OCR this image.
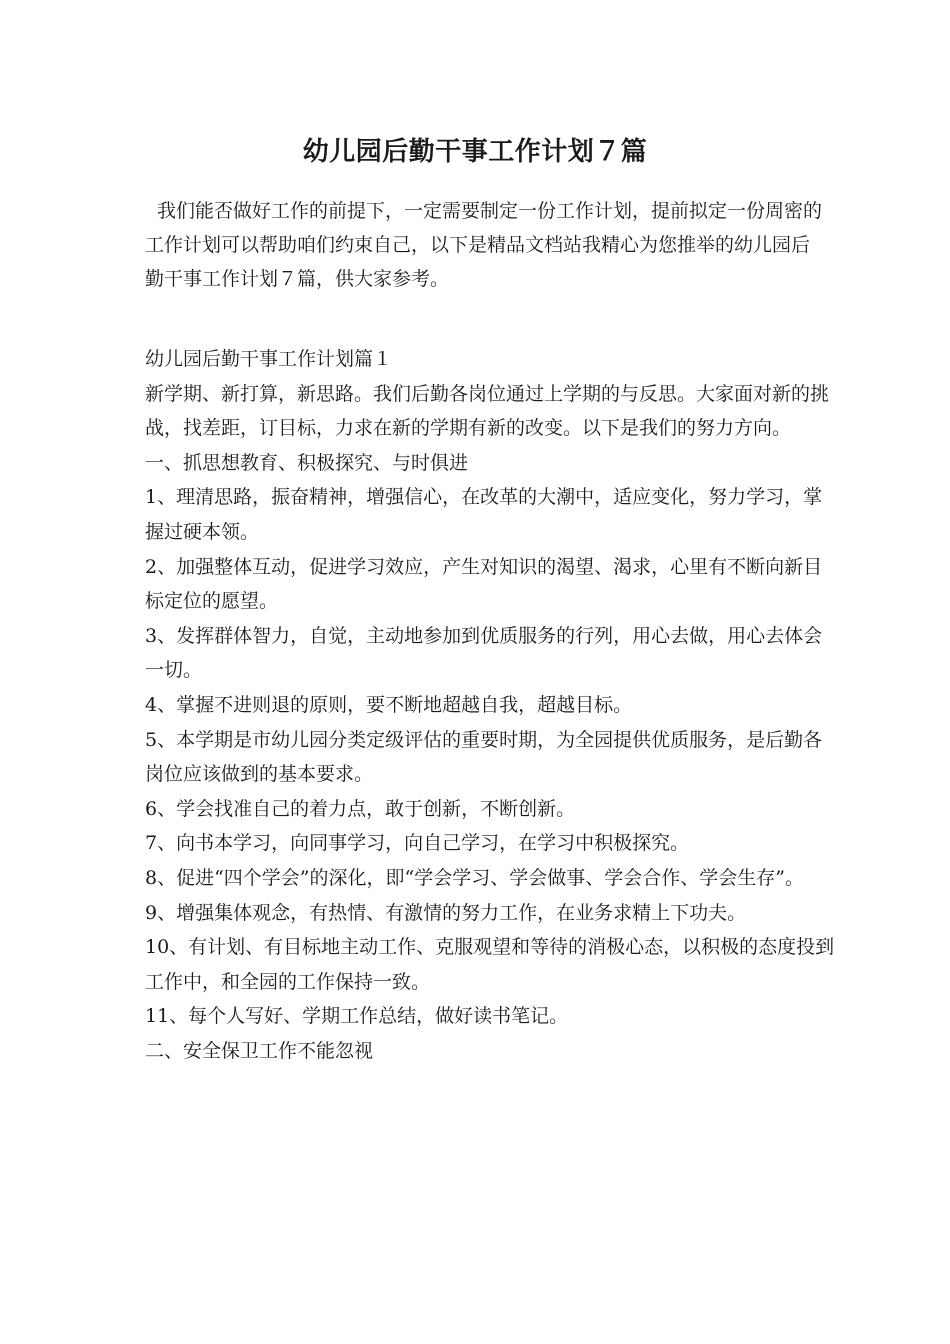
幼儿园后勤干事工作计划７篇
我们能否做好工作的前提下，一定需要制定一份工作计划，提前拟定一份周密的工作计划可以帮助咱们约束自己，以下是精品文档站我精心为您推举的幼儿园后勤干事工作计划７篇，供大家参考。

幼儿园后勤干事工作计划篇１

新学期、新打算，新思路。我们后勤各岗位通过上学期的与反思。大家面对新的挑战，找差距，订目标，力求在新的学期有新的改变。以下是我们的努力方向。

一、抓思想教育、积极探究、与时俱进

1、理清思路，振奋精神，增强信心，在改革的大潮中，适应变化，努力学习，掌握过硬本领。

2、加强整体互动，促进学习效应，产生对知识的渴望、渴求，心里有不断向新目标定位的愿望。

3、发挥群体智力，自觉，主动地参加到优质服务的行列，用心去做，用心去体会一切。

4、掌握不进则退的原则，要不断地超越自我，超越目标。

5、本学期是市幼儿园分类定级评估的重要时期，为全园提供优质服务，是后勤各岗位应该做到的基本要求。

6、学会找准自己的着力点，敢于创新，不断创新。

7、向书本学习，向同事学习，向自己学习，在学习中积极探究。

8、促进“四个学会”的深化，即“学会学习、学会做事、学会合作、学会生存”。

9、增强集体观念，有热情、有激情的努力工作，在业务求精上下功夫。

10、有计划、有目标地主动工作、克服观望和等待的消极心态，以积极的态度投到工作中，和全园的工作保持一致。

11、每个人写好、学期工作总结，做好读书笔记。

二、安全保卫工作不能忽视
